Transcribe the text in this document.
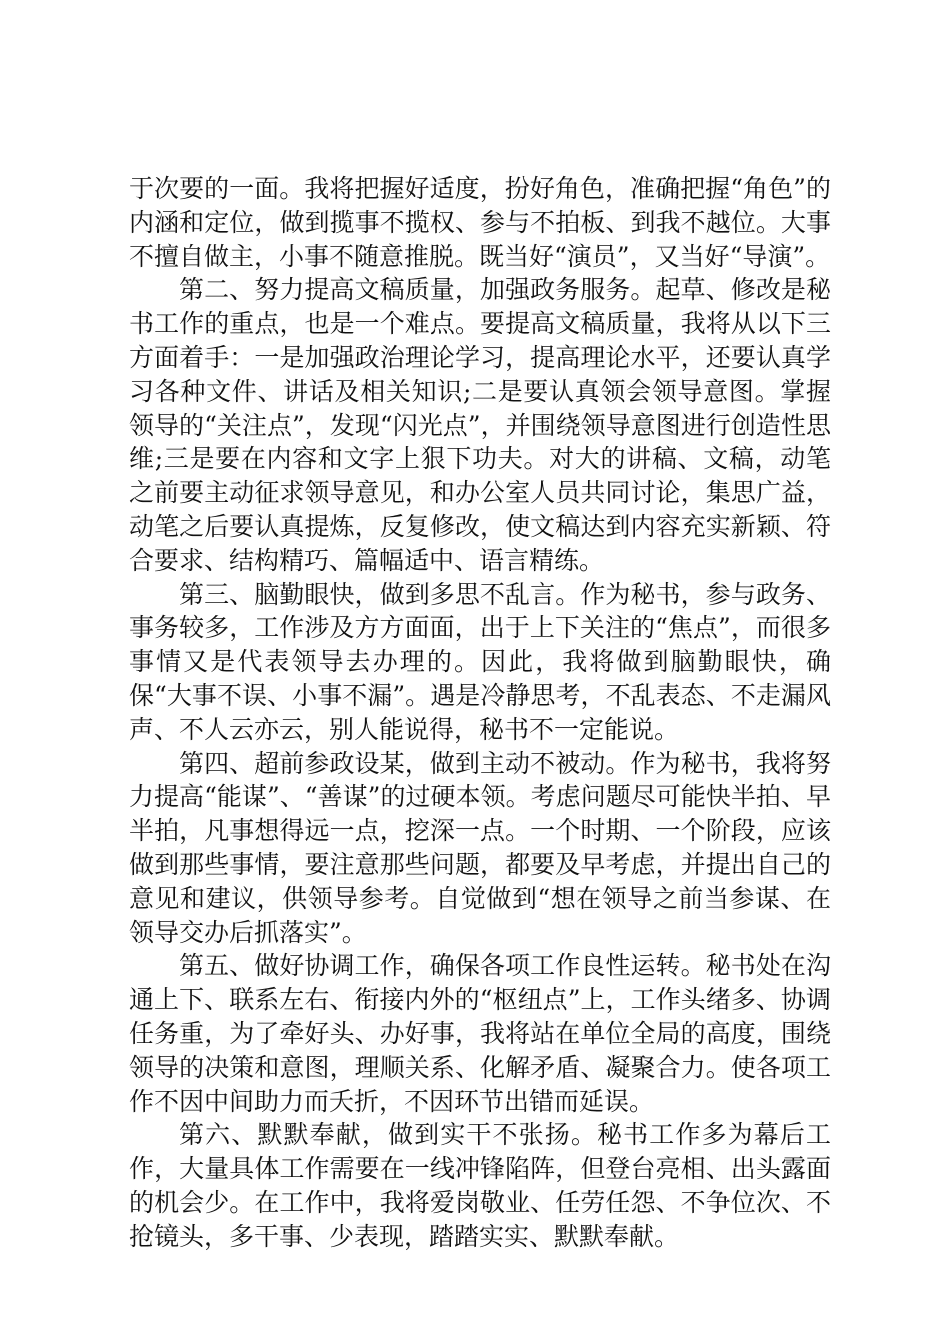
于次要的一面。我将把握好适度，扮好角色，准确把握“角色”的内涵和定位，做到揽事不揽权、参与不拍板、到我不越位。大事不擅自做主，小事不随意推脱。既当好“演员”，又当好“导演”。

第二、努力提高文稿质量，加强政务服务。起草、修改是秘书工作的重点，也是一个难点。要提高文稿质量，我将从以下三方面着手：一是加强政治理论学习，提高理论水平，还要认真学习各种文件、讲话及相关知识;二是要认真领会领导意图。掌握领导的“关注点”，发现“闪光点”，并围绕领导意图进行创造性思维;三是要在内容和文字上狠下功夫。对大的讲稿、文稿，动笔之前要主动征求领导意见，和办公室人员共同讨论，集思广益，动笔之后要认真提炼，反复修改，使文稿达到内容充实新颖、符合要求、结构精巧、篇幅适中、语言精练。

第三、脑勤眼快，做到多思不乱言。作为秘书，参与政务、事务较多，工作涉及方方面面，出于上下关注的“焦点”，而很多事情又是代表领导去办理的。因此，我将做到脑勤眼快，确保“大事不误、小事不漏”。遇是冷静思考，不乱表态、不走漏风声、不人云亦云，别人能说得，秘书不一定能说。

第四、超前参政设某，做到主动不被动。作为秘书，我将努力提高“能谋”、“善谋”的过硬本领。考虑问题尽可能快半拍、早半拍，凡事想得远一点，挖深一点。一个时期、一个阶段，应该做到那些事情，要注意那些问题，都要及早考虑，并提出自己的意见和建议，供领导参考。自觉做到“想在领导之前当参谋、在领导交办后抓落实”。

第五、做好协调工作，确保各项工作良性运转。秘书处在沟通上下、联系左右、衔接内外的“枢纽点”上，工作头绪多、协调任务重，为了牵好头、办好事，我将站在单位全局的高度，围绕领导的决策和意图，理顺关系、化解矛盾、凝聚合力。使各项工作不因中间助力而夭折，不因环节出错而延误。

第六、默默奉献，做到实干不张扬。秘书工作多为幕后工作，大量具体工作需要在一线冲锋陷阵，但登台亮相、出头露面的机会少。在工作中，我将爱岗敬业、任劳任怨、不争位次、不抢镜头，多干事、少表现，踏踏实实、默默奉献。
